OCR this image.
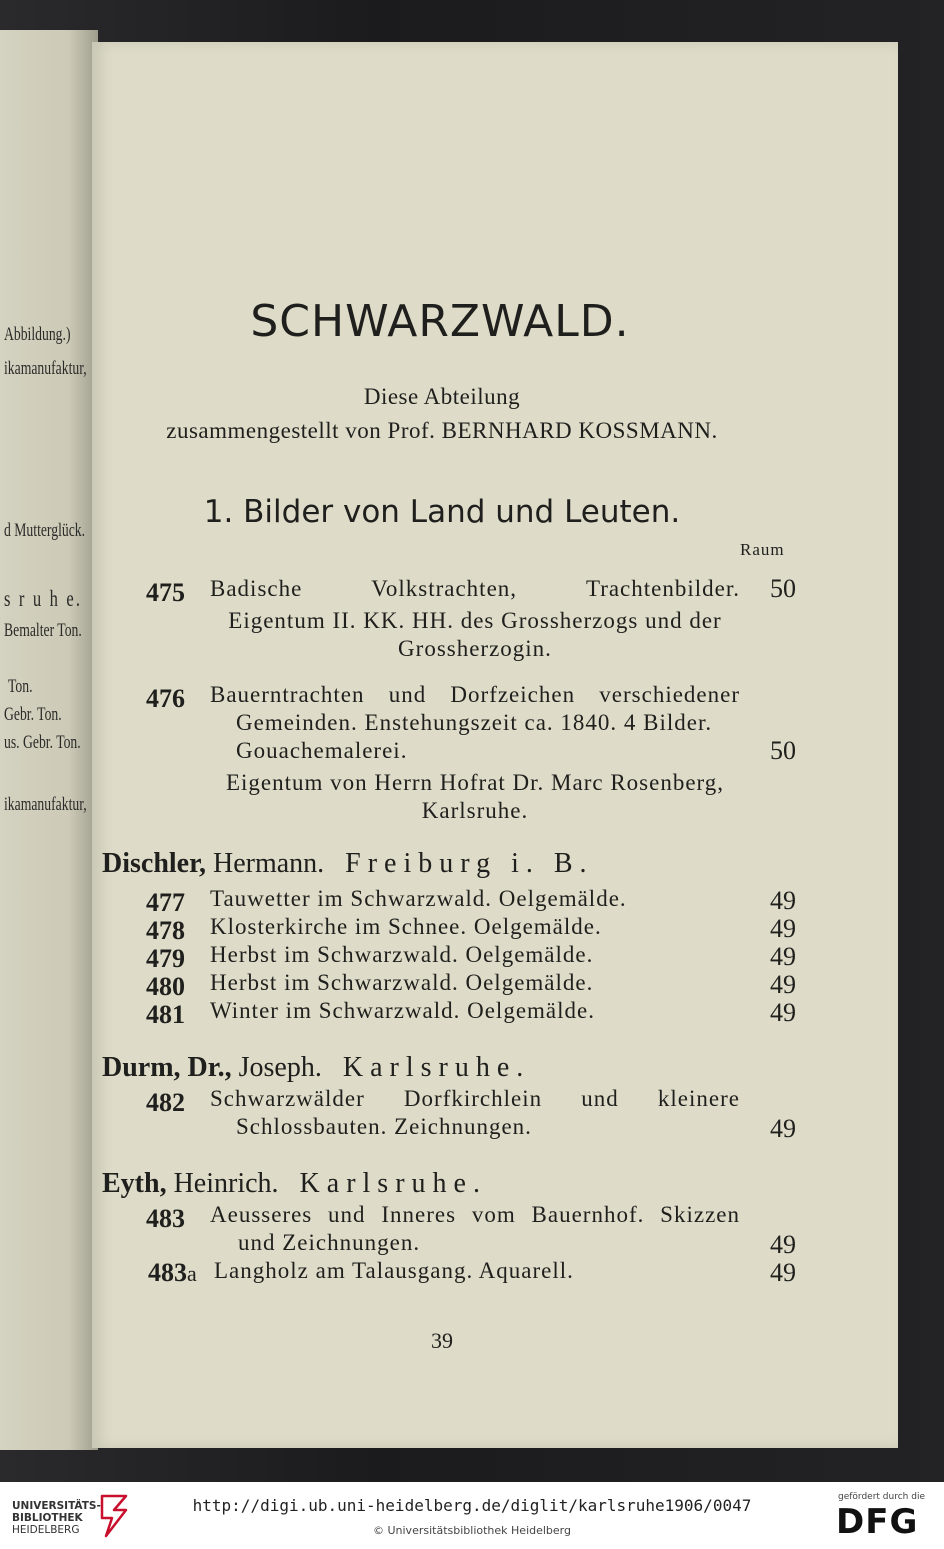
Abbildung.)
ikamanufaktur,
d Mutterglück.
s r u h e.
Bemalter Ton.
Ton.
Gebr. Ton.
us. Gebr. Ton.
ikamanufaktur,
SCHWARZWALD.
Diese Abteilung
zusammengestellt von Prof. BERNHARD KOSSMANN.
1. Bilder von Land und Leuten.
Raum
475	Badische Volkstrachten, Trachtenbilder.	50
Eigentum II. KK. HH. des Grossherzogs und der
Grossherzogin.
476	Bauerntrachten und Dorfzeichen verschiedener
Gemeinden. Enstehungszeit ca. 1840. 4 Bilder.
Gouachemalerei.	50
Eigentum von Herrn Hofrat Dr. Marc Rosenberg,
Karlsruhe.
Dischler, Hermann. Freiburg i. B.
477	Tauwetter im Schwarzwald. Oelgemälde.	49
478	Klosterkirche im Schnee. Oelgemälde.	49
479	Herbst im Schwarzwald. Oelgemälde.	49
480	Herbst im Schwarzwald. Oelgemälde.	49
481	Winter im Schwarzwald. Oelgemälde.	49
Durm, Dr., Joseph. Karlsruhe.
482	Schwarzwälder Dorfkirchlein und kleinere
Schlossbauten. Zeichnungen.	49
Eyth, Heinrich. Karlsruhe.
483	Aeusseres und Inneres vom Bauernhof. Skizzen
und Zeichnungen.	49
483a Langholz am Talausgang. Aquarell.	49
39
UNIVERSITÄTS-
BIBLIOTHEK
HEIDELBERG
http://digi.ub.uni-heidelberg.de/diglit/karlsruhe1906/0047
© Universitätsbibliothek Heidelberg
gefördert durch die
DFG
